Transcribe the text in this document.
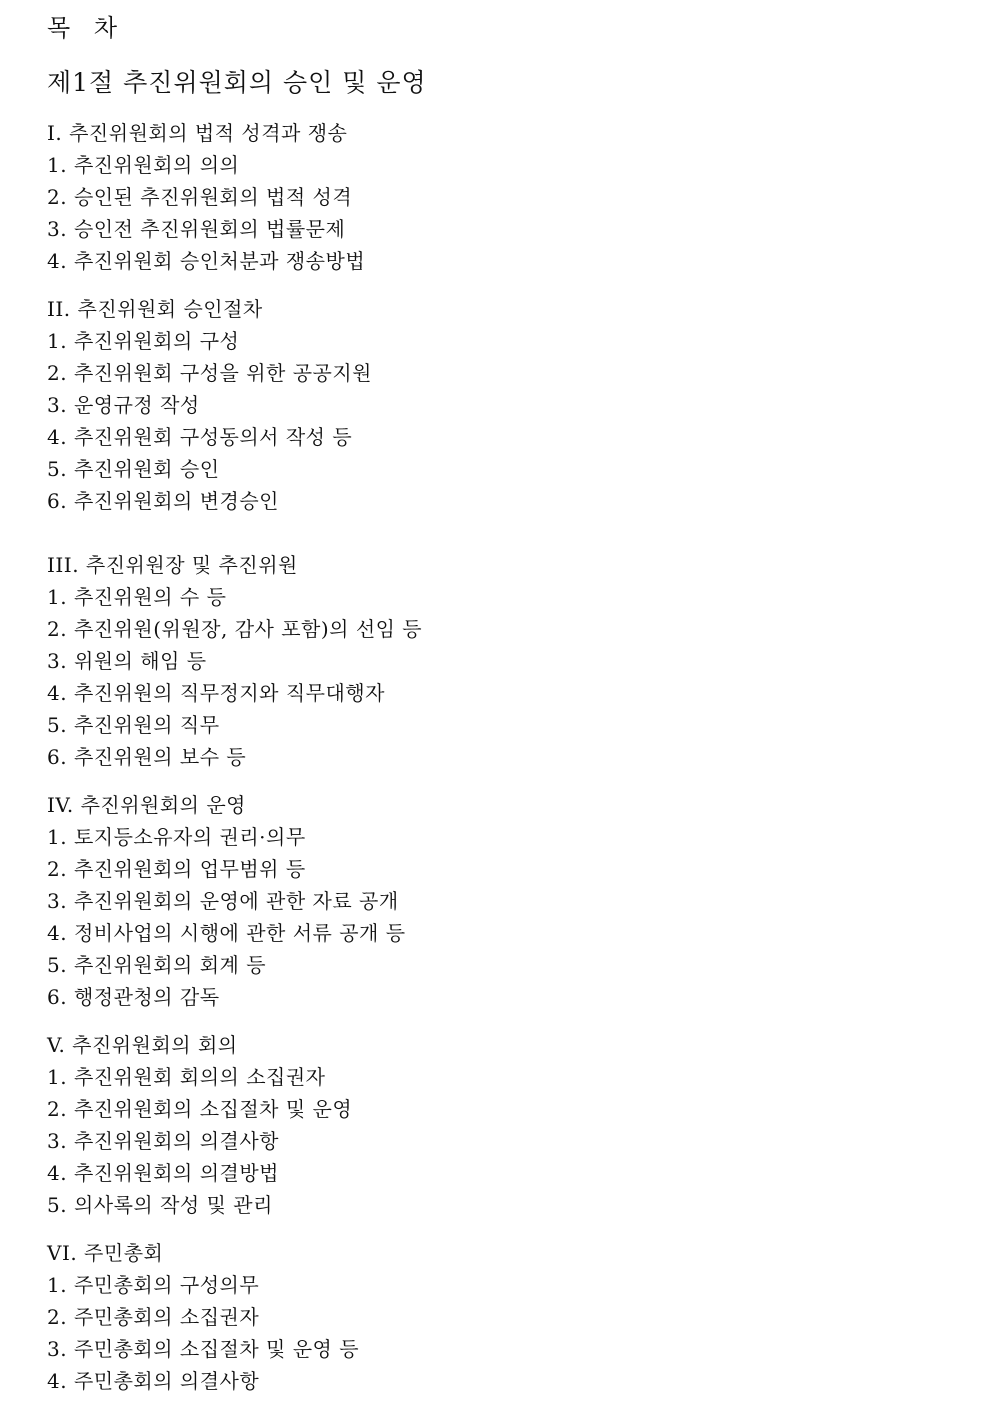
목 차
제1절 추진위원회의 승인 및 운영
I. 추진위원회의 법적 성격과 쟁송
1. 추진위원회의 의의
2. 승인된 추진위원회의 법적 성격
3. 승인전 추진위원회의 법률문제
4. 추진위원회 승인처분과 쟁송방법
II. 추진위원회 승인절차
1. 추진위원회의 구성
2. 추진위원회 구성을 위한 공공지원
3. 운영규정 작성
4. 추진위원회 구성동의서 작성 등
5. 추진위원회 승인
6. 추진위원회의 변경승인
III. 추진위원장 및 추진위원
1. 추진위원의 수 등
2. 추진위원(위원장, 감사 포함)의 선임 등
3. 위원의 해임 등
4. 추진위원의 직무정지와 직무대행자
5. 추진위원의 직무
6. 추진위원의 보수 등
IV. 추진위원회의 운영
1. 토지등소유자의 권리·의무
2. 추진위원회의 업무범위 등
3. 추진위원회의 운영에 관한 자료 공개
4. 정비사업의 시행에 관한 서류 공개 등
5. 추진위원회의 회계 등
6. 행정관청의 감독
V. 추진위원회의 회의
1. 추진위원회 회의의 소집권자
2. 추진위원회의 소집절차 및 운영
3. 추진위원회의 의결사항
4. 추진위원회의 의결방법
5. 의사록의 작성 및 관리
VI. 주민총회
1. 주민총회의 구성의무
2. 주민총회의 소집권자
3. 주민총회의 소집절차 및 운영 등
4. 주민총회의 의결사항
